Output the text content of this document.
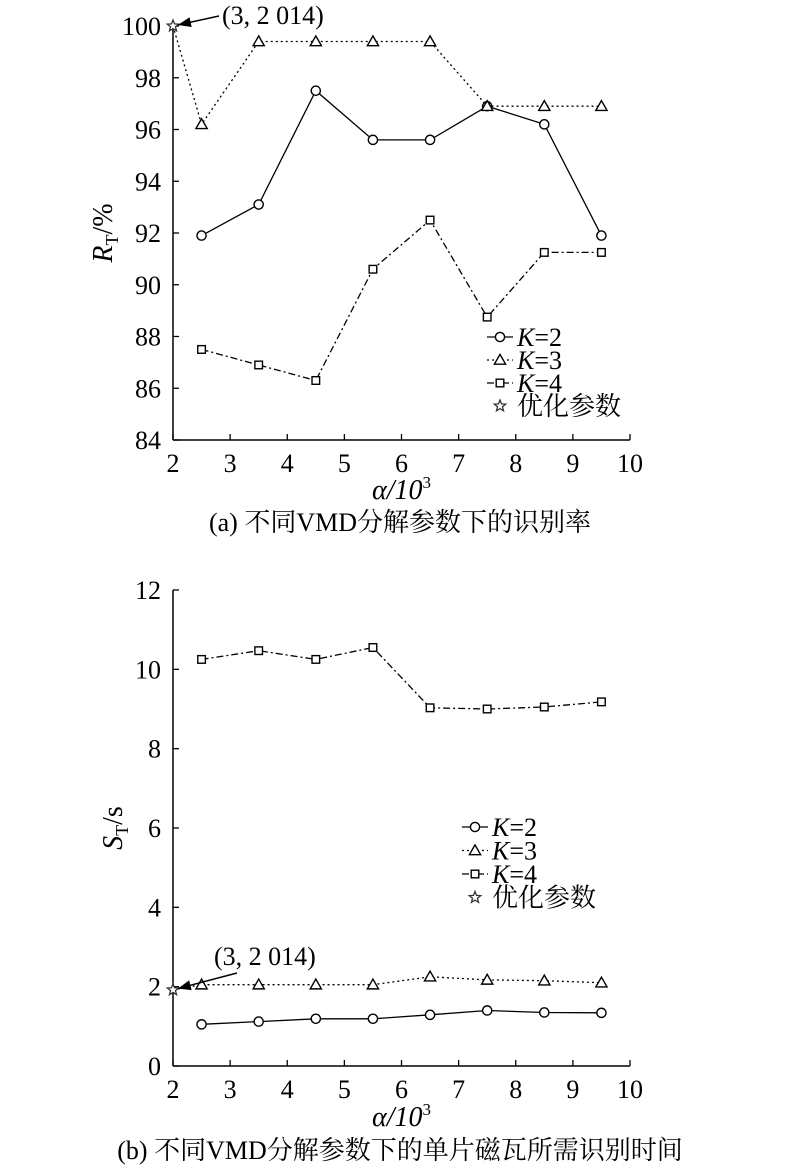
2 3 4 5 6 7 8 9 10
84
86
88
90
92
94
96
98
100
$R_T/\%$
$\alpha/10^3$
(a) 不同VMD分解参数下的识别率
(3, 2 014)
K=2
K=3
K=4
优化参数
2 3 4 5 6 7 8 9 10
0
2
4
6
8
10
12
$S_T/s$
$\alpha/10^3$
(b) 不同VMD分解参数下的单片磁瓦所需识别时间
(3, 2 014)
K=2
K=3
K=4
优化参数
